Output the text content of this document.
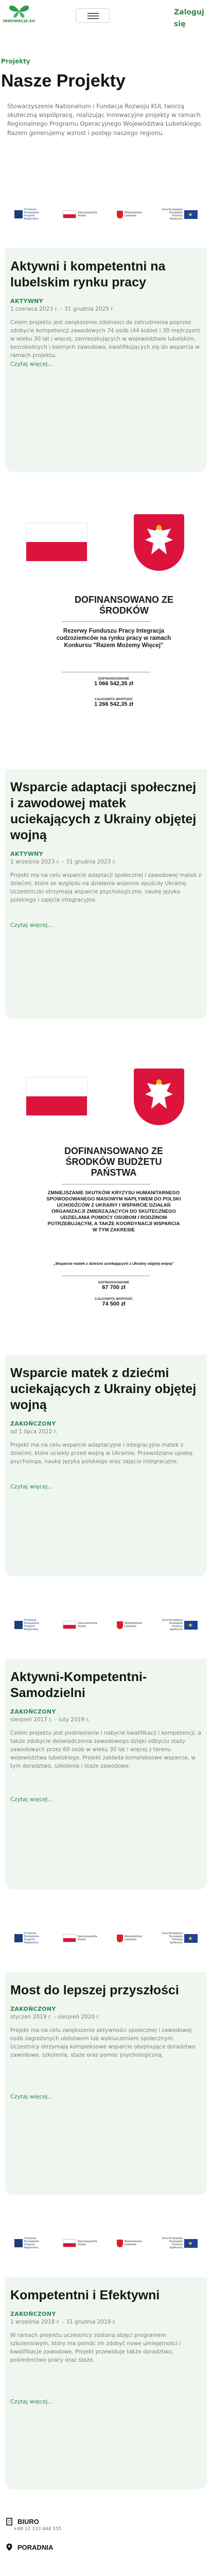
INNOWACJE.EU
Zaloguj się
Projekty
Nasze Projekty

Stowarzyszenie Nationalium i Fundacja Rozwoju KUL tworzą skuteczną współpracę, realizując innowacyjne projekty w ramach Regionalnego Programu Operacyjnego Województwa Lubelskiego. Razem generujemy wzrost i postęp naszego regionu.

Fundusze Europejskie Program Regionalny
Rzeczpospolita Polska
Województwo Lubelskie
Unia Europejska Europejski Fundusz Społeczny
★
Aktywni i kompetentni na lubelskim rynku pracy
AKTYWNY
1 czerwca 2023 r. – 31 grudnia 2025 r.
Celem projektu jest zwiększenie zdolności do zatrudnienia poprzez zdobycie kompetencji zawodowych 74 osób (44 kobiet i 30 mężczyzn) w wieku 30 lat i więcej, zamieszkujących w województwie lubelskim, bezrobotnych i biernych zawodowo, kwalifikujących się do wsparcia w ramach projektu.
Czytaj więcej...
DOFINANSOWANO ZE ŚRODKÓW
Rezerwy Funduszu Pracy Integracja cudzoziemców na rynku pracy w ramach Konkursu "Razem Możemy Więcej"
DOFINANSOWANIE
1 066 542,35 zł
CAŁKOWITA WARTOŚĆ
1 266 542,35 zł
Wsparcie adaptacji społecznej i zawodowej matek uciekających z Ukrainy objętej wojną
AKTYWNY
1 września 2023 r. – 31 grudnia 2023 r.
Projekt ma na celu wsparcie adaptacji społecznej i zawodowej matek z dziećmi, które ze względu na działania wojenne opuściły Ukrainę. Uczestniczki otrzymają wsparcie psychologiczne, naukę języka polskiego i zajęcia integracyjne.
Czytaj więcej...
DOFINANSOWANO ZE ŚRODKÓW BUDŻETU PAŃSTWA
ZMNIEJSZANIE SKUTKÓW KRYZYSU HUMANITARNEGO SPOWODOWANEGO MASOWYM NAPŁYWEM DO POLSKI UCHODŹCÓW Z UKRAINY I WSPARCIE DZIAŁAŃ ORGANIZACJI ZMIERZAJĄCYCH DO SKUTECZNEGO UDZIELANIA POMOCY OSOBOM I RODZINOM POTRZEBUJĄCYM, A TAKŻE KOORDYNACJI WSPARCIA W TYM ZAKRESIE
„Wsparcie matek z dziećmi uciekających z Ukrainy objętej wojną”
DOFINANSOWANIE
67 700 zł
CAŁKOWITA WARTOŚĆ
74 500 zł
Wsparcie matek z dziećmi uciekających z Ukrainy objętej wojną
ZAKOŃCZONY
od 1 lipca 2022 r.
Projekt ma na celu wsparcie adaptacyjne i integracyjne matek z dziećmi, które uciekły przed wojną w Ukrainie. Przewidziano opiekę psychologa, naukę języka polskiego oraz zajęcia integracyjne.
Czytaj więcej...
Fundusze Europejskie Program Regionalny
Rzeczpospolita Polska
Województwo Lubelskie
Unia Europejska Europejski Fundusz Społeczny
★
Aktywni-Kompetentni-Samodzielni
ZAKOŃCZONY
sierpień 2017 r. – luty 2019 r.
Celem projektu jest podniesienie i nabycie kwalifikacji i kompetencji, a także zdobycie doświadczenia zawodowego dzięki odbyciu staży zawodowych przez 60 osób w wieku 30 lat i więcej z terenu województwa lubelskiego. Projekt zakłada kompleksowe wsparcie, w tym doradztwo, szkolenia i staże zawodowe.
Czytaj więcej...
Fundusze Europejskie Program Regionalny
Rzeczpospolita Polska
Województwo Lubelskie
Unia Europejska Europejski Fundusz Społeczny
★
Most do lepszej przyszłości
ZAKOŃCZONY
styczeń 2019 r. – sierpień 2020 r.
Projekt ma na celu zwiększenie aktywności społecznej i zawodowej osób zagrożonych ubóstwem lub wykluczeniem społecznym. Uczestnicy otrzymają kompleksowe wsparcie obejmujące doradztwo zawodowe, szkolenia, staże oraz pomoc psychologiczną.
Czytaj więcej...
Fundusze Europejskie Program Regionalny
Rzeczpospolita Polska
Województwo Lubelskie
Unia Europejska Europejski Fundusz Społeczny
★
Kompetentni i Efektywni
ZAKOŃCZONY
1 września 2018 r. – 31 grudnia 2019 r.
W ramach projektu uczestnicy zostaną objęci programem szkoleniowym, który ma pomóc im zdobyć nowe umiejętności i kwalifikacje zawodowe. Projekt przewiduje także doradztwo, pośrednictwo pracy oraz staże.
Czytaj więcej...
BIURO
+48 12 333 444 555
PORADNIA
